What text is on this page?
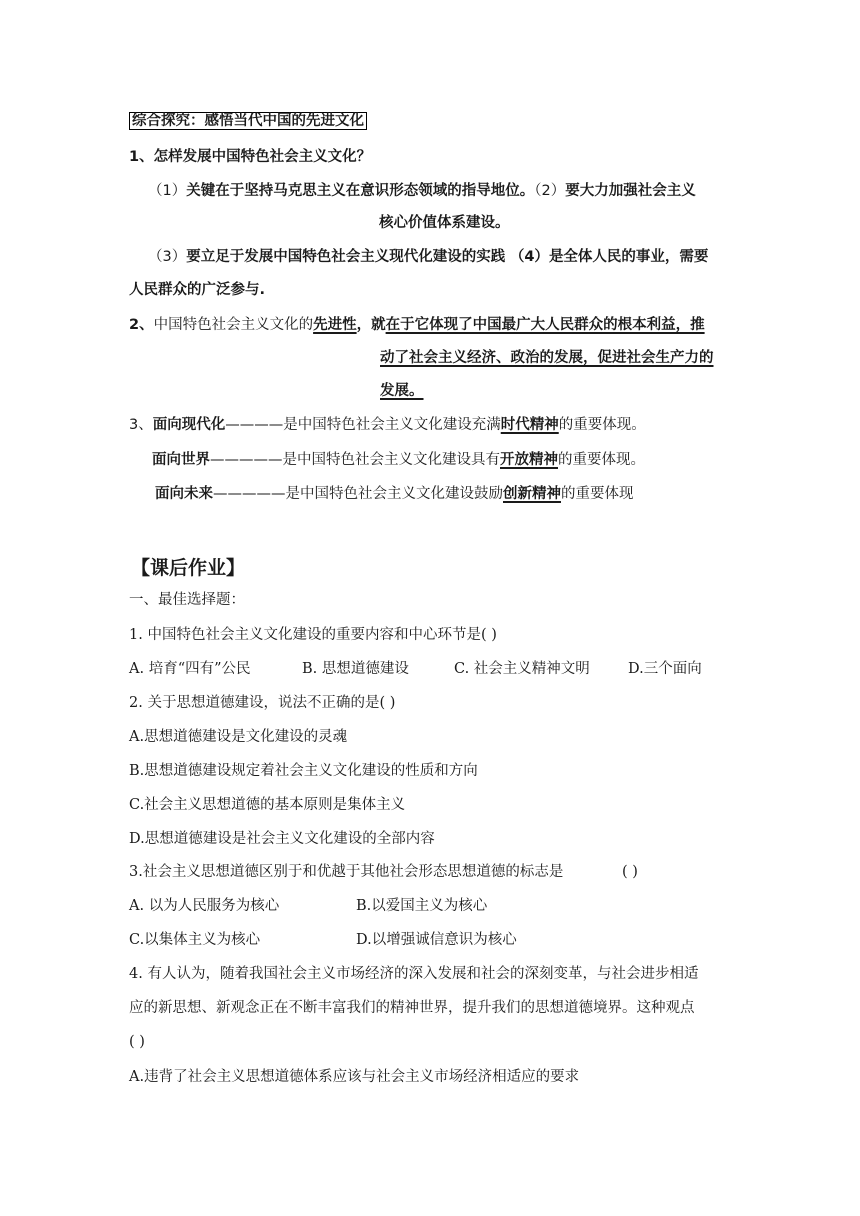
综合探究：感悟当代中国的先进文化
1、怎样发展中国特色社会主义文化？
（1）关键在于坚持马克思主义在意识形态领域的指导地位。（2）要大力加强社会主义
核心价值体系建设。
（3）要立足于发展中国特色社会主义现代化建设的实践 （4）是全体人民的事业，需要
人民群众的广泛参与.
2、中国特色社会主义文化的先进性，就在于它体现了中国最广大人民群众的根本利益，推
动了社会主义经济、政治的发展，促进社会生产力的
发展。
3、面向现代化————是中国特色社会主义文化建设充满时代精神的重要体现。
面向世界—————是中国特色社会主义文化建设具有开放精神的重要体现。
面向未来—————是中国特色社会主义文化建设鼓励创新精神的重要体现
【课后作业】
一、最佳选择题：
1. 中国特色社会主义文化建设的重要内容和中心环节是( )
A. 培育“四有”公民	B. 思想道德建设	C. 社会主义精神文明	D.三个面向
2. 关于思想道德建设，说法不正确的是( )
A.思想道德建设是文化建设的灵魂
B.思想道德建设规定着社会主义文化建设的性质和方向
C.社会主义思想道德的基本原则是集体主义
D.思想道德建设是社会主义文化建设的全部内容
3.社会主义思想道德区别于和优越于其他社会形态思想道德的标志是	( )
A. 以为人民服务为核心	B.以爱国主义为核心
C.以集体主义为核心	D.以增强诚信意识为核心
4. 有人认为，随着我国社会主义市场经济的深入发展和社会的深刻变革，与社会进步相适
应的新思想、新观念正在不断丰富我们的精神世界，提升我们的思想道德境界。这种观点
( )
A.违背了社会主义思想道德体系应该与社会主义市场经济相适应的要求
